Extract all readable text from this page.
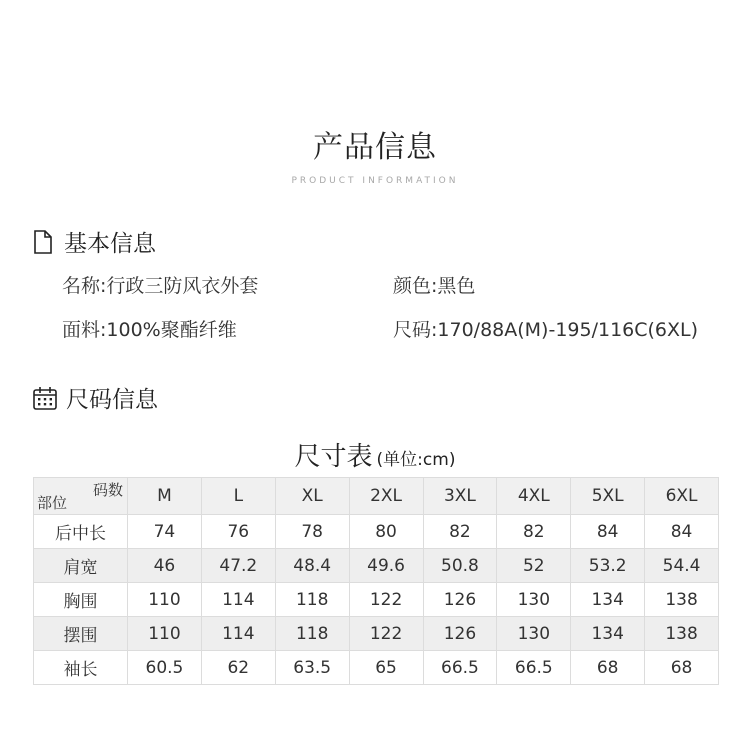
产品信息
PRODUCT INFORMATION
基本信息
名称:行政三防风衣外套	颜色:黑色
面料:100%聚酯纤维	尺码:170/88A(M)-195/116C(6XL)
尺码信息
尺寸表 (单位:cm)
码数
部位	M	L	XL	2XL	3XL	4XL	5XL	6XL
后中长	74	76	78	80	82	82	84	84
肩宽	46	47.2	48.4	49.6	50.8	52	53.2	54.4
胸围	110	114	118	122	126	130	134	138
摆围	110	114	118	122	126	130	134	138
袖长	60.5	62	63.5	65	66.5	66.5	68	68
